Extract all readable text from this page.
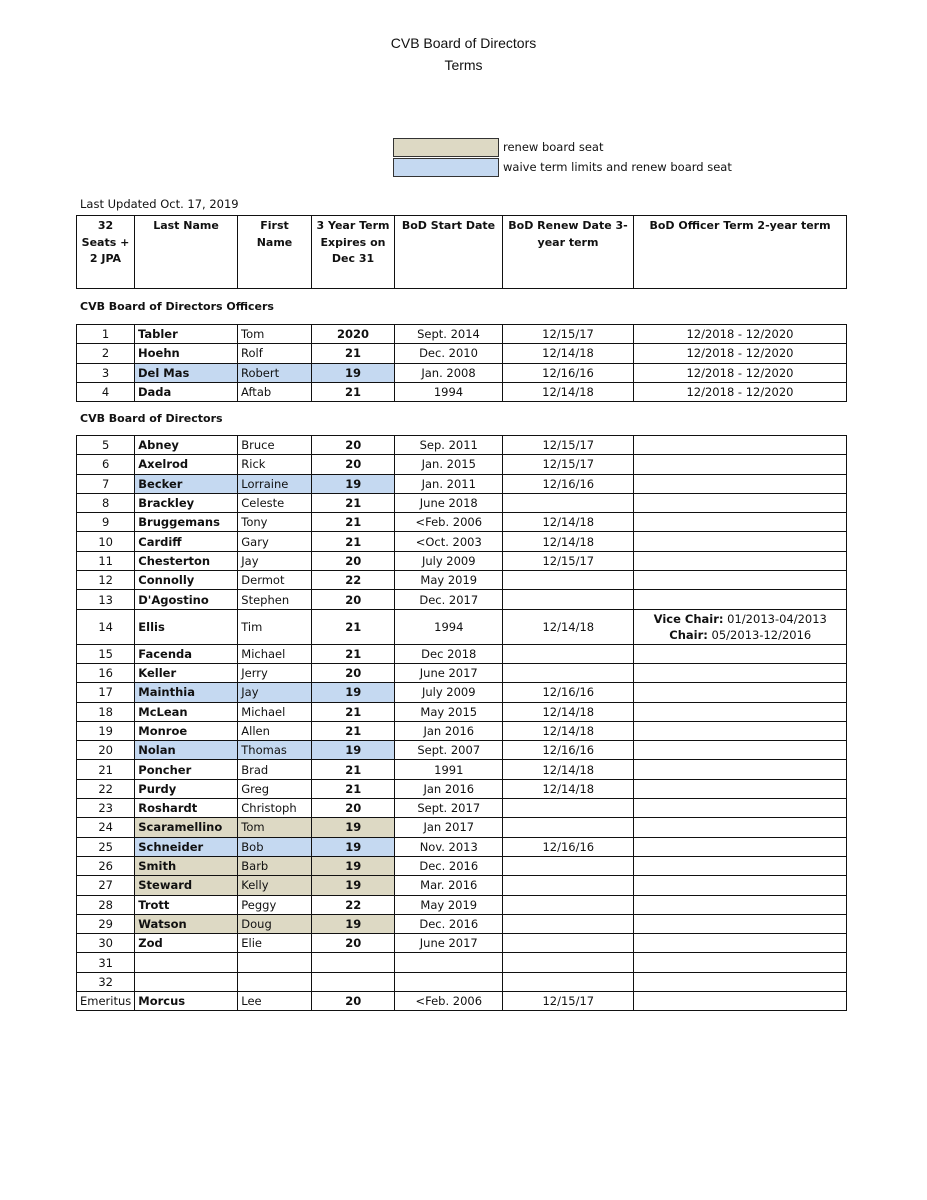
CVB Board of Directors
Terms
renew board seat
waive term limits and renew board seat
Last Updated Oct. 17, 2019
32 Seats + 2 JPA	Last Name	First Name	3 Year Term Expires on Dec 31	BoD Start Date	BoD Renew Date 3-year term	BoD Officer Term 2-year term
CVB Board of Directors Officers
1	Tabler	Tom	2020	Sept. 2014	12/15/17	12/2018 - 12/2020
2	Hoehn	Rolf	21	Dec. 2010	12/14/18	12/2018 - 12/2020
3	Del Mas	Robert	19	Jan. 2008	12/16/16	12/2018 - 12/2020
4	Dada	Aftab	21	1994	12/14/18	12/2018 - 12/2020
CVB Board of Directors
5	Abney	Bruce	20	Sep. 2011	12/15/17	
6	Axelrod	Rick	20	Jan. 2015	12/15/17	
7	Becker	Lorraine	19	Jan. 2011	12/16/16	
8	Brackley	Celeste	21	June 2018		
9	Bruggemans	Tony	21	<Feb. 2006	12/14/18	
10	Cardiff	Gary	21	<Oct. 2003	12/14/18	
11	Chesterton	Jay	20	July 2009	12/15/17	
12	Connolly	Dermot	22	May 2019		
13	D'Agostino	Stephen	20	Dec. 2017		
14	Ellis	Tim	21	1994	12/14/18	Vice Chair: 01/2013-04/2013
Chair: 05/2013-12/2016

15	Facenda	Michael	21	Dec 2018		
16	Keller	Jerry	20	June 2017		
17	Mainthia	Jay	19	July 2009	12/16/16	
18	McLean	Michael	21	May 2015	12/14/18	
19	Monroe	Allen	21	Jan 2016	12/14/18	
20	Nolan	Thomas	19	Sept. 2007	12/16/16	
21	Poncher	Brad	21	1991	12/14/18	
22	Purdy	Greg	21	Jan 2016	12/14/18	
23	Roshardt	Christoph	20	Sept. 2017		
24	Scaramellino	Tom	19	Jan 2017		
25	Schneider	Bob	19	Nov. 2013	12/16/16	
26	Smith	Barb	19	Dec. 2016		
27	Steward	Kelly	19	Mar. 2016		
28	Trott	Peggy	22	May 2019		
29	Watson	Doug	19	Dec. 2016		
30	Zod	Elie	20	June 2017		
31						
32						
Emeritus	Morcus	Lee	20	<Feb. 2006	12/15/17	
